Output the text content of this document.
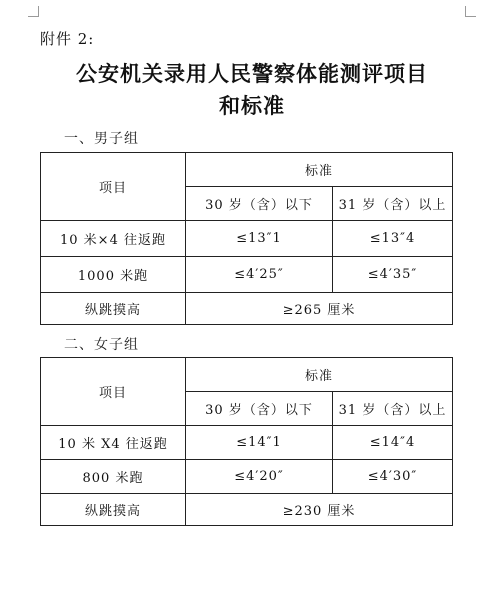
附件 2:
公安机关录用人民警察体能测评项目
和标准
一、男子组
项目	标准	
	30 岁（含）以下	31 岁（含）以上
10 米×4 往返跑	≤13″1	≤13″4
1000 米跑	≤4′25″	≤4′35″
纵跳摸高	≥265 厘米	
二、女子组
项目	标准	
	30 岁（含）以下	31 岁（含）以上
10 米 X4 往返跑	≤14″1	≤14″4
800 米跑	≤4′20″	≤4′30″
纵跳摸高	≥230 厘米	
